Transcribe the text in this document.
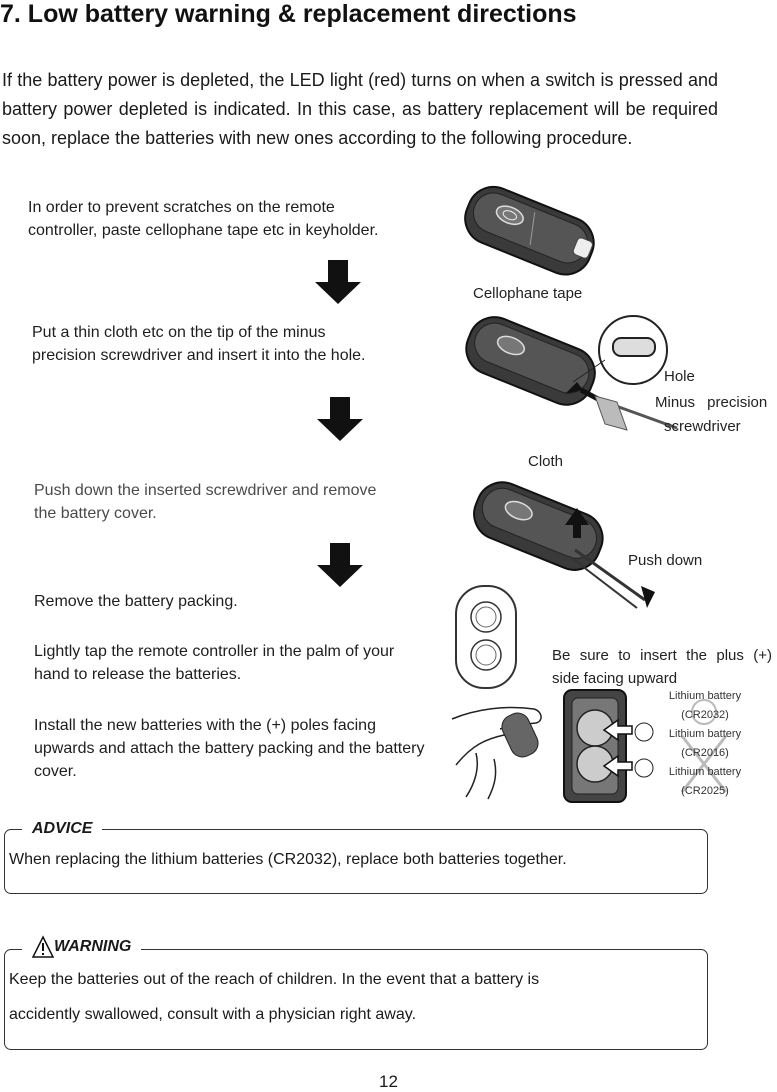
7. Low battery warning & replacement directions
If the battery power is depleted, the LED light (red) turns on when a switch is pressed and battery power depleted is indicated. In this case, as battery replacement will be required soon, replace the batteries with new ones according to the following procedure.
In order to prevent scratches on the remote controller, paste cellophane tape etc in keyholder.
Put a thin cloth etc on the tip of the minus precision screwdriver and insert it into the hole.
Push down the inserted screwdriver and remove the battery cover.
Remove the battery packing.
Lightly tap the remote controller in the palm of your hand to release the batteries.
Install the new batteries with the (+) poles facing upwards and attach the battery packing and the battery cover.
Cellophane tape
Hole
Minus precision
screwdriver
Cloth
Push down
Be sure to insert the plus (+) side facing upward
Lithium battery
(CR2032)
Lithium battery
(CR2016)
Lithium battery
(CR2025)
ADVICE
When replacing the lithium batteries (CR2032), replace both batteries together.
WARNING
Keep the batteries out of the reach of children. In the event that a battery is
accidently swallowed, consult with a physician right away.
12
